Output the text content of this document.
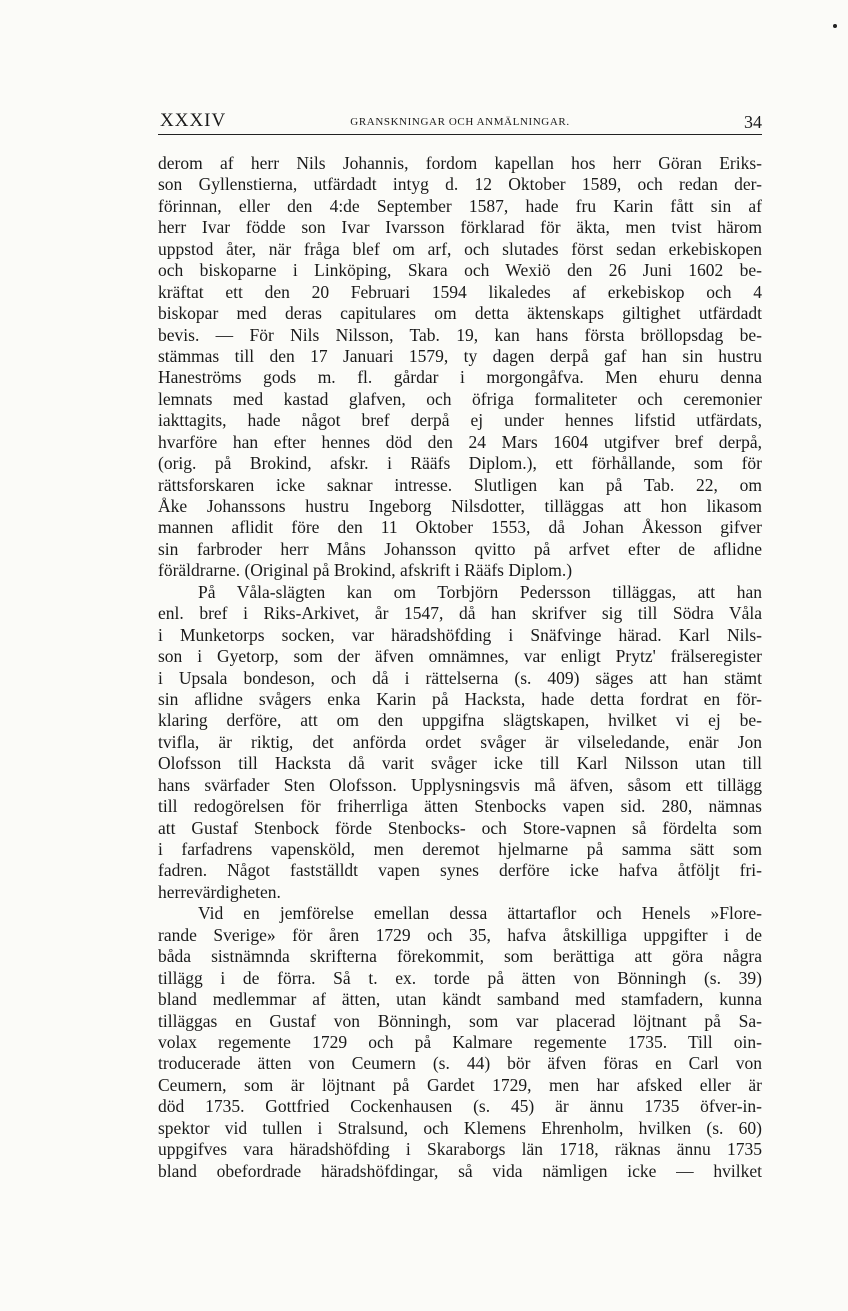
XXXIV	GRANSKNINGAR OCH ANMÄLNINGAR.	34
derom af herr Nils Johannis, fordom kapellan hos herr Göran Eriks-
son Gyllenstierna, utfärdadt intyg d. 12 Oktober 1589, och redan der-
förinnan, eller den 4:de September 1587, hade fru Karin fått sin af
herr Ivar födde son Ivar Ivarsson förklarad för äkta, men tvist härom
uppstod åter, när fråga blef om arf, och slutades först sedan erkebiskopen
och biskoparne i Linköping, Skara och Wexiö den 26 Juni 1602 be-
kräftat ett den 20 Februari 1594 likaledes af erkebiskop och 4
biskopar med deras capitulares om detta äktenskaps giltighet utfärdadt
bevis. — För Nils Nilsson, Tab. 19, kan hans första bröllopsdag be-
stämmas till den 17 Januari 1579, ty dagen derpå gaf han sin hustru
Haneströms gods m. fl. gårdar i morgongåfva. Men ehuru denna
lemnats med kastad glafven, och öfriga formaliteter och ceremonier
iakttagits, hade något bref derpå ej under hennes lifstid utfärdats,
hvarföre han efter hennes död den 24 Mars 1604 utgifver bref derpå,
(orig. på Brokind, afskr. i Rääfs Diplom.), ett förhållande, som för
rättsforskaren icke saknar intresse. Slutligen kan på Tab. 22, om
Åke Johanssons hustru Ingeborg Nilsdotter, tilläggas att hon likasom
mannen aflidit före den 11 Oktober 1553, då Johan Åkesson gifver
sin farbroder herr Måns Johansson qvitto på arfvet efter de aflidne
föräldrarne. (Original på Brokind, afskrift i Rääfs Diplom.)
På Våla-slägten kan om Torbjörn Pedersson tilläggas, att han
enl. bref i Riks-Arkivet, år 1547, då han skrifver sig till Södra Våla
i Munketorps socken, var häradshöfding i Snäfvinge härad. Karl Nils-
son i Gyetorp, som der äfven omnämnes, var enligt Prytz' frälseregister
i Upsala bondeson, och då i rättelserna (s. 409) säges att han stämt
sin aflidne svågers enka Karin på Hacksta, hade detta fordrat en för-
klaring derföre, att om den uppgifna slägtskapen, hvilket vi ej be-
tvifla, är riktig, det anförda ordet svåger är vilseledande, enär Jon
Olofsson till Hacksta då varit svåger icke till Karl Nilsson utan till
hans svärfader Sten Olofsson. Upplysningsvis må äfven, såsom ett tillägg
till redogörelsen för friherrliga ätten Stenbocks vapen sid. 280, nämnas
att Gustaf Stenbock förde Stenbocks- och Store-vapnen så fördelta som
i farfadrens vapensköld, men deremot hjelmarne på samma sätt som
fadren. Något fastställdt vapen synes derföre icke hafva åtföljt fri-
herrevärdigheten.
Vid en jemförelse emellan dessa ättartaflor och Henels »Flore-
rande Sverige» för åren 1729 och 35, hafva åtskilliga uppgifter i de
båda sistnämnda skrifterna förekommit, som berättiga att göra några
tillägg i de förra. Så t. ex. torde på ätten von Bönningh (s. 39)
bland medlemmar af ätten, utan kändt samband med stamfadern, kunna
tilläggas en Gustaf von Bönningh, som var placerad löjtnant på Sa-
volax regemente 1729 och på Kalmare regemente 1735. Till oin-
troducerade ätten von Ceumern (s. 44) bör äfven föras en Carl von
Ceumern, som är löjtnant på Gardet 1729, men har afsked eller är
död 1735. Gottfried Cockenhausen (s. 45) är ännu 1735 öfver-in-
spektor vid tullen i Stralsund, och Klemens Ehrenholm, hvilken (s. 60)
uppgifves vara häradshöfding i Skaraborgs län 1718, räknas ännu 1735
bland obefordrade häradshöfdingar, så vida nämligen icke — hvilket
